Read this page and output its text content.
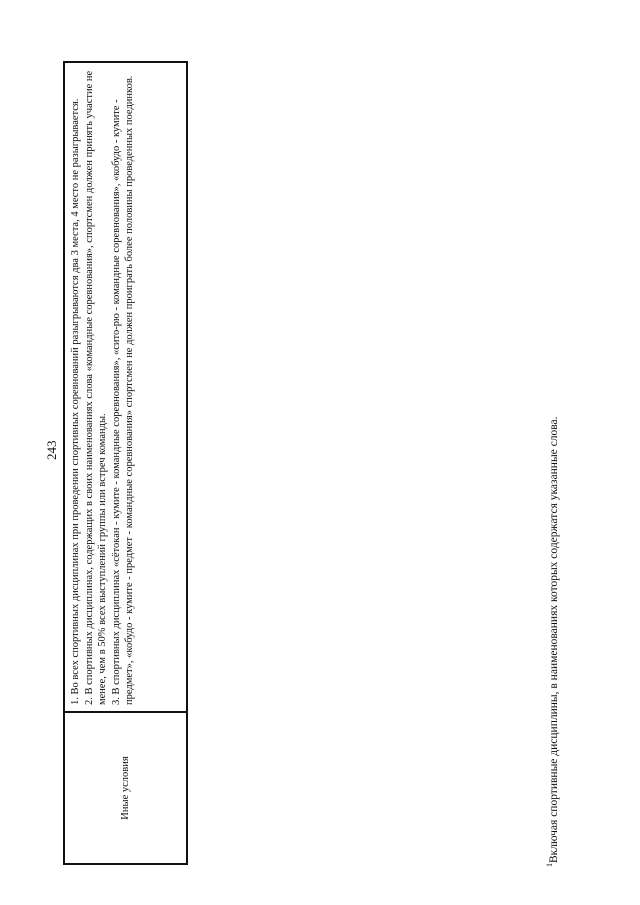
243
Иные условия

1. Во всех спортивных дисциплинах при проведении спортивных соревнований разыгрываются два 3 места, 4 место не разыгрывается. 2. В спортивных дисциплинах, содержащих в своих наименованиях слова «командные соревнования», спортсмен должен принять участие не менее, чем в 50% всех выступлений группы или встреч команды. 3. В спортивных дисциплинах «сётокан - кумите - командные соревнования», «сито-рю - командные соревнования», «кобудо - кумите - предмет», «кобудо - кумите - предмет - командные соревнования» спортсмен не должен проиграть более половины проведенных поединков.

$^1$Включая спортивные дисциплины, в наименованиях которых содержатся указанные слова.
